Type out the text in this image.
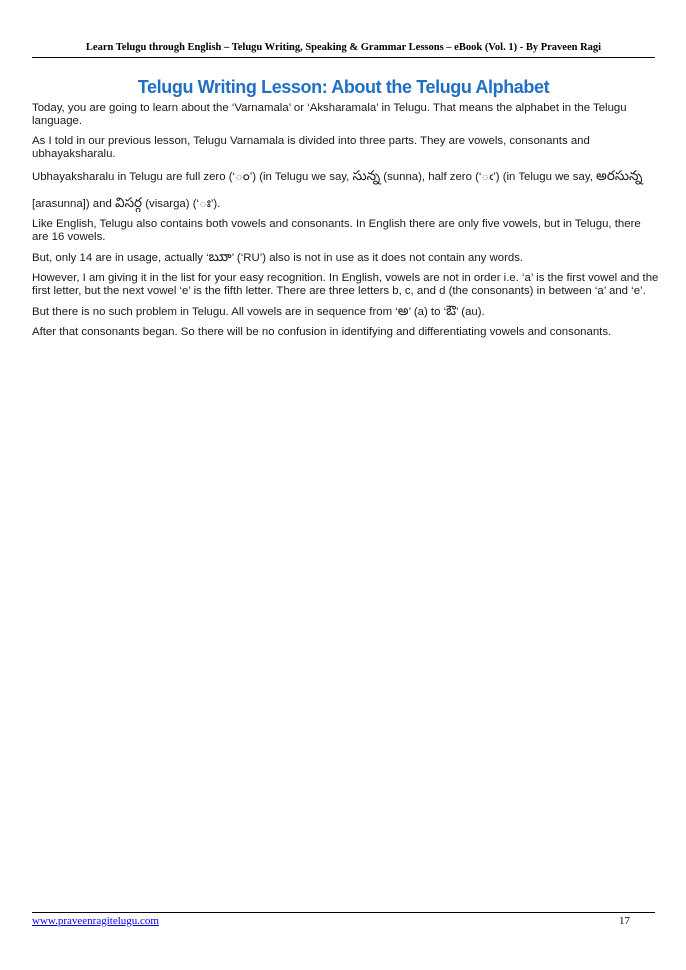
Learn Telugu through English – Telugu Writing, Speaking & Grammar Lessons – eBook (Vol. 1) - By Praveen Ragi
Telugu Writing Lesson: About the Telugu Alphabet

Today, you are going to learn about the ‘Varnamala’ or ‘Aksharamala’ in Telugu. That means the alphabet in the Telugu language.

As I told in our previous lesson, Telugu Varnamala is divided into three parts. They are vowels, consonants and ubhayaksharalu.

Ubhayaksharalu in Telugu are full zero (‘ం’) (in Telugu we say, సున్న (sunna), half zero (‘ఁ’) (in Telugu we say, అరసున్న [arasunna]) and విసర్గ (visarga) (‘ః’).

Like English, Telugu also contains both vowels and consonants. In English there are only five vowels, but in Telugu, there are 16 vowels.

But, only 14 are in usage, actually ‘ఋా’ (‘RU’) also is not in use as it does not contain any words.

However, I am giving it in the list for your easy recognition. In English, vowels are not in order i.e. ‘a’ is the first vowel and the first letter, but the next vowel ‘e’ is the fifth letter. There are three letters b, c, and d (the consonants) in between ‘a’ and ‘e’.

But there is no such problem in Telugu. All vowels are in sequence from ‘అ’ (a) to ‘ఔ’ (au).

After that consonants began. So there will be no confusion in identifying and differentiating vowels and consonants.

www.praveenragitelugu.com	17
